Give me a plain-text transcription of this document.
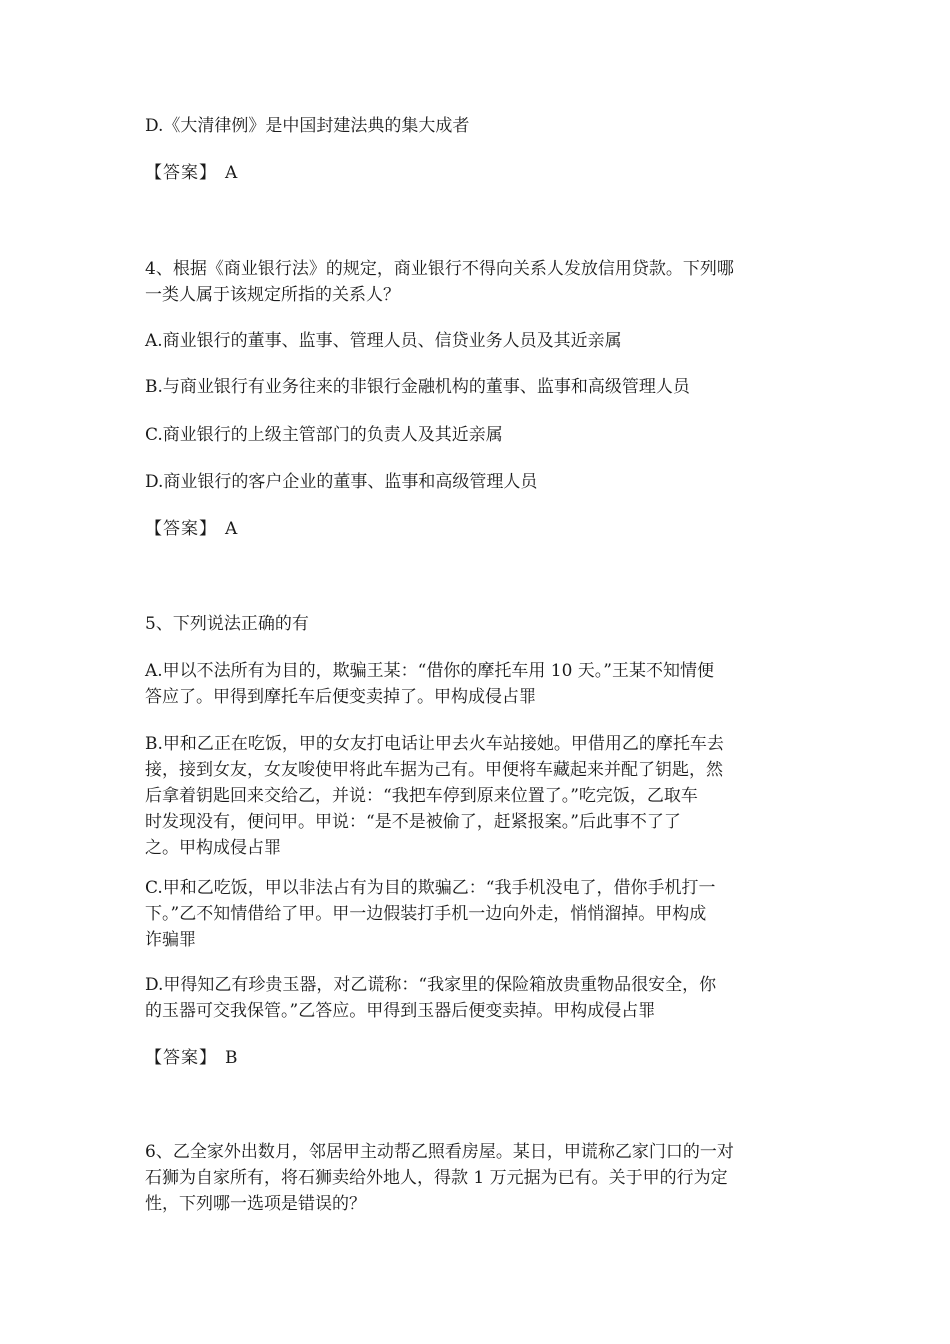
D.《大清律例》是中国封建法典的集大成者

【答案】 A

4、根据《商业银行法》的规定，商业银行不得向关系人发放信用贷款。下列哪
一类人属于该规定所指的关系人？

A.商业银行的董事、监事、管理人员、信贷业务人员及其近亲属

B.与商业银行有业务往来的非银行金融机构的董事、监事和高级管理人员

C.商业银行的上级主管部门的负责人及其近亲属

D.商业银行的客户企业的董事、监事和高级管理人员

【答案】 A

5、下列说法正确的有

A.甲以不法所有为目的，欺骗王某：“借你的摩托车用 10 天。”王某不知情便
答应了。甲得到摩托车后便变卖掉了。甲构成侵占罪

B.甲和乙正在吃饭，甲的女友打电话让甲去火车站接她。甲借用乙的摩托车去
接，接到女友，女友唆使甲将此车据为己有。甲便将车藏起来并配了钥匙，然
后拿着钥匙回来交给乙，并说：“我把车停到原来位置了。”吃完饭，乙取车
时发现没有，便问甲。甲说：“是不是被偷了，赶紧报案。”后此事不了了
之。甲构成侵占罪

C.甲和乙吃饭，甲以非法占有为目的欺骗乙：“我手机没电了，借你手机打一
下。”乙不知情借给了甲。甲一边假装打手机一边向外走，悄悄溜掉。甲构成
诈骗罪

D.甲得知乙有珍贵玉器，对乙谎称：“我家里的保险箱放贵重物品很安全，你
的玉器可交我保管。”乙答应。甲得到玉器后便变卖掉。甲构成侵占罪

【答案】 B

6、乙全家外出数月，邻居甲主动帮乙照看房屋。某日，甲谎称乙家门口的一对
石狮为自家所有，将石狮卖给外地人，得款 1 万元据为已有。关于甲的行为定
性，下列哪一选项是错误的？
